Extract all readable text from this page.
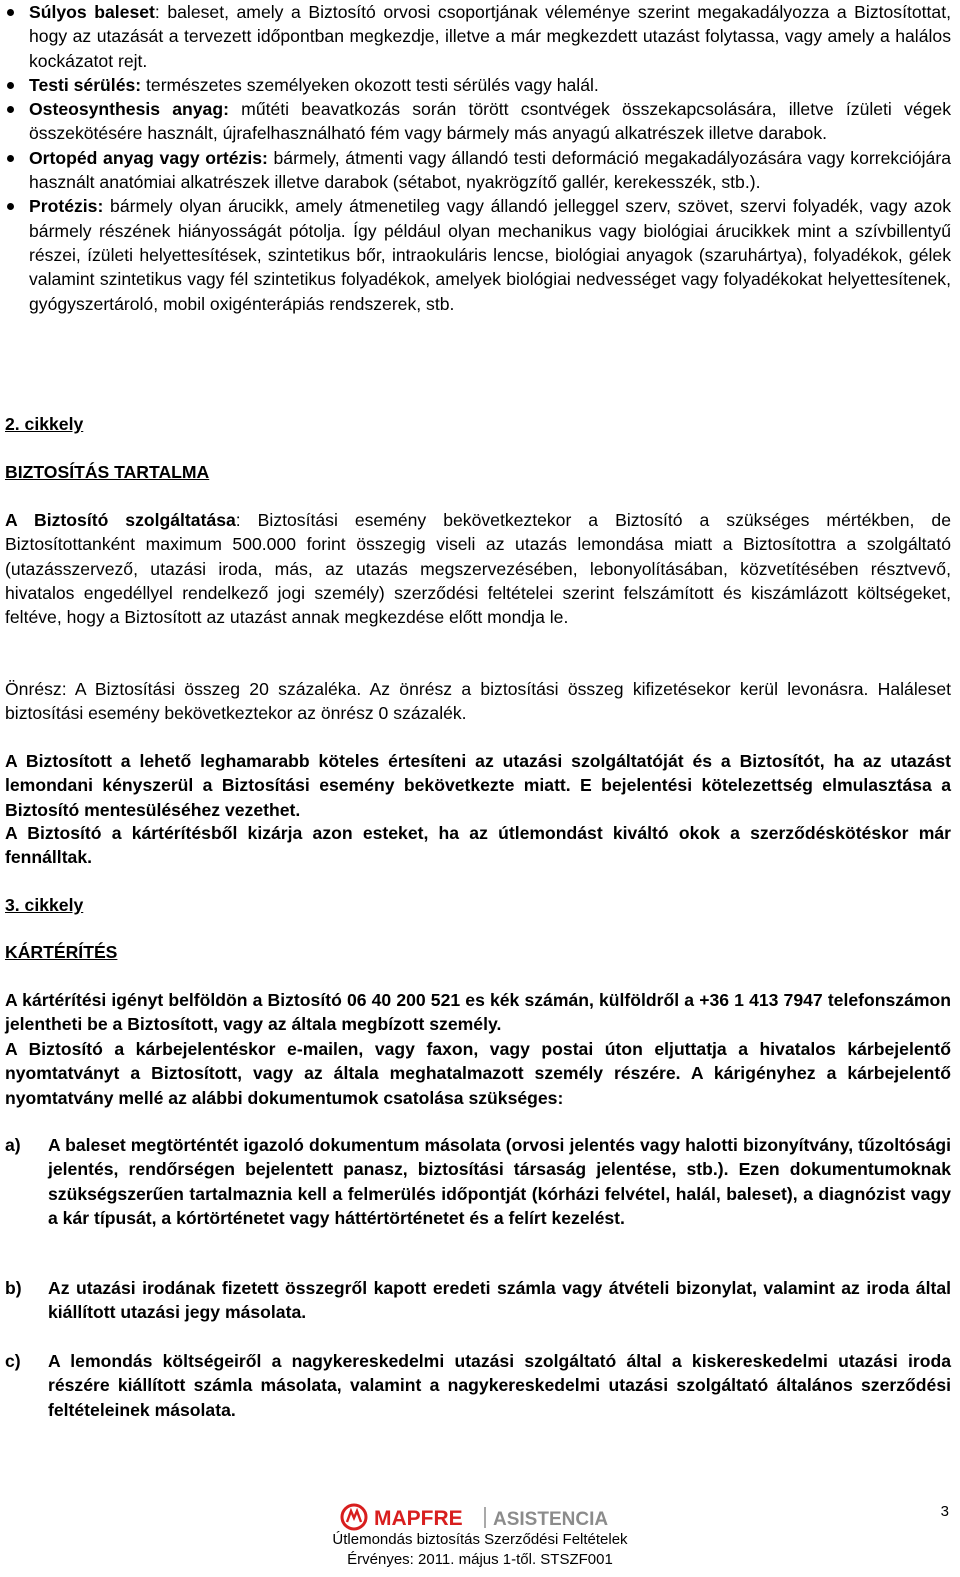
Súlyos baleset: baleset, amely a Biztosító orvosi csoportjának véleménye szerint megakadályozza a Biztosítottat, hogy az utazását a tervezett időpontban megkezdje, illetve a már megkezdett utazást folytassa, vagy amely a halálos kockázatot rejt.
Testi sérülés: természetes személyeken okozott testi sérülés vagy halál.
Osteosynthesis anyag: műtéti beavatkozás során törött csontvégek összekapcsolására, illetve ízületi végek összekötésére használt, újrafelhasználható fém vagy bármely más anyagú alkatrészek illetve darabok.
Ortopéd anyag vagy ortézis: bármely, átmenti vagy állandó testi deformáció megakadályozására vagy korrekciójára használt anatómiai alkatrészek illetve darabok (sétabot, nyakrögzítő gallér, kerekesszék, stb.).
Protézis: bármely olyan árucikk, amely átmenetileg vagy állandó jelleggel szerv, szövet, szervi folyadék, vagy azok bármely részének hiányosságát pótolja. Így például olyan mechanikus vagy biológiai árucikkek mint a szívbillentyű részei, ízületi helyettesítések, szintetikus bőr, intraokuláris lencse, biológiai anyagok (szaruhártya), folyadékok, gélek valamint szintetikus vagy fél szintetikus folyadékok, amelyek biológiai nedvességet vagy folyadékokat helyettesítenek, gyógyszertároló, mobil oxigénterápiás rendszerek, stb.

2. cikkely

BIZTOSÍTÁS TARTALMA

A Biztosító szolgáltatása: Biztosítási esemény bekövetkeztekor a Biztosító a szükséges mértékben, de Biztosítottanként maximum 500.000 forint összegig viseli az utazás lemondása miatt a Biztosítottra a szolgáltató (utazásszervező, utazási iroda, más, az utazás megszervezésében, lebonyolításában, közvetítésében résztvevő, hivatalos engedéllyel rendelkező jogi személy) szerződési feltételei szerint felszámított és kiszámlázott költségeket, feltéve, hogy a Biztosított az utazást annak megkezdése előtt mondja le.

Önrész: A Biztosítási összeg 20 százaléka. Az önrész a biztosítási összeg kifizetésekor kerül levonásra. Haláleset biztosítási esemény bekövetkeztekor az önrész 0 százalék.

A Biztosított a lehető leghamarabb köteles értesíteni az utazási szolgáltatóját és a Biztosítót, ha az utazást lemondani kényszerül a Biztosítási esemény bekövetkezte miatt. E bejelentési kötelezettség elmulasztása a Biztosító mentesüléséhez vezethet.

A Biztosító a kártérítésből kizárja azon esteket, ha az útlemondást kiváltó okok a szerződéskötéskor már fennálltak.

3. cikkely

KÁRTÉRÍTÉS

A kártérítési igényt belföldön a Biztosító 06 40 200 521 es kék számán, külföldről a +36 1 413 7947 telefonszámon jelentheti be a Biztosított, vagy az általa megbízott személy.

A Biztosító a kárbejelentéskor e-mailen, vagy faxon, vagy postai úton eljuttatja a hivatalos kárbejelentő nyomtatványt a Biztosított, vagy az általa meghatalmazott személy részére. A kárigényhez a kárbejelentő nyomtatvány mellé az alábbi dokumentumok csatolása szükséges:

a)	A baleset megtörténtét igazoló dokumentum másolata (orvosi jelentés vagy halotti bizonyítvány, tűzoltósági jelentés, rendőrségen bejelentett panasz, biztosítási társaság jelentése, stb.). Ezen dokumentumoknak szükségszerűen tartalmaznia kell a felmerülés időpontját (kórházi felvétel, halál, baleset), a diagnózist vagy a kár típusát, a kórtörténetet vagy háttértörténetet és a felírt kezelést.
b)	Az utazási irodának fizetett összegről kapott eredeti számla vagy átvételi bizonylat, valamint az iroda által kiállított utazási jegy másolata.
c)	A lemondás költségeiről a nagykereskedelmi utazási szolgáltató által a kiskereskedelmi utazási iroda részére kiállított számla másolata, valamint a nagykereskedelmi utazási szolgáltató általános szerződési feltételeinek másolata.
MAPFRE ASISTENCIA	3
Útlemondás biztosítás Szerződési Feltételek
Érvényes: 2011. május 1-től. STSZF001
